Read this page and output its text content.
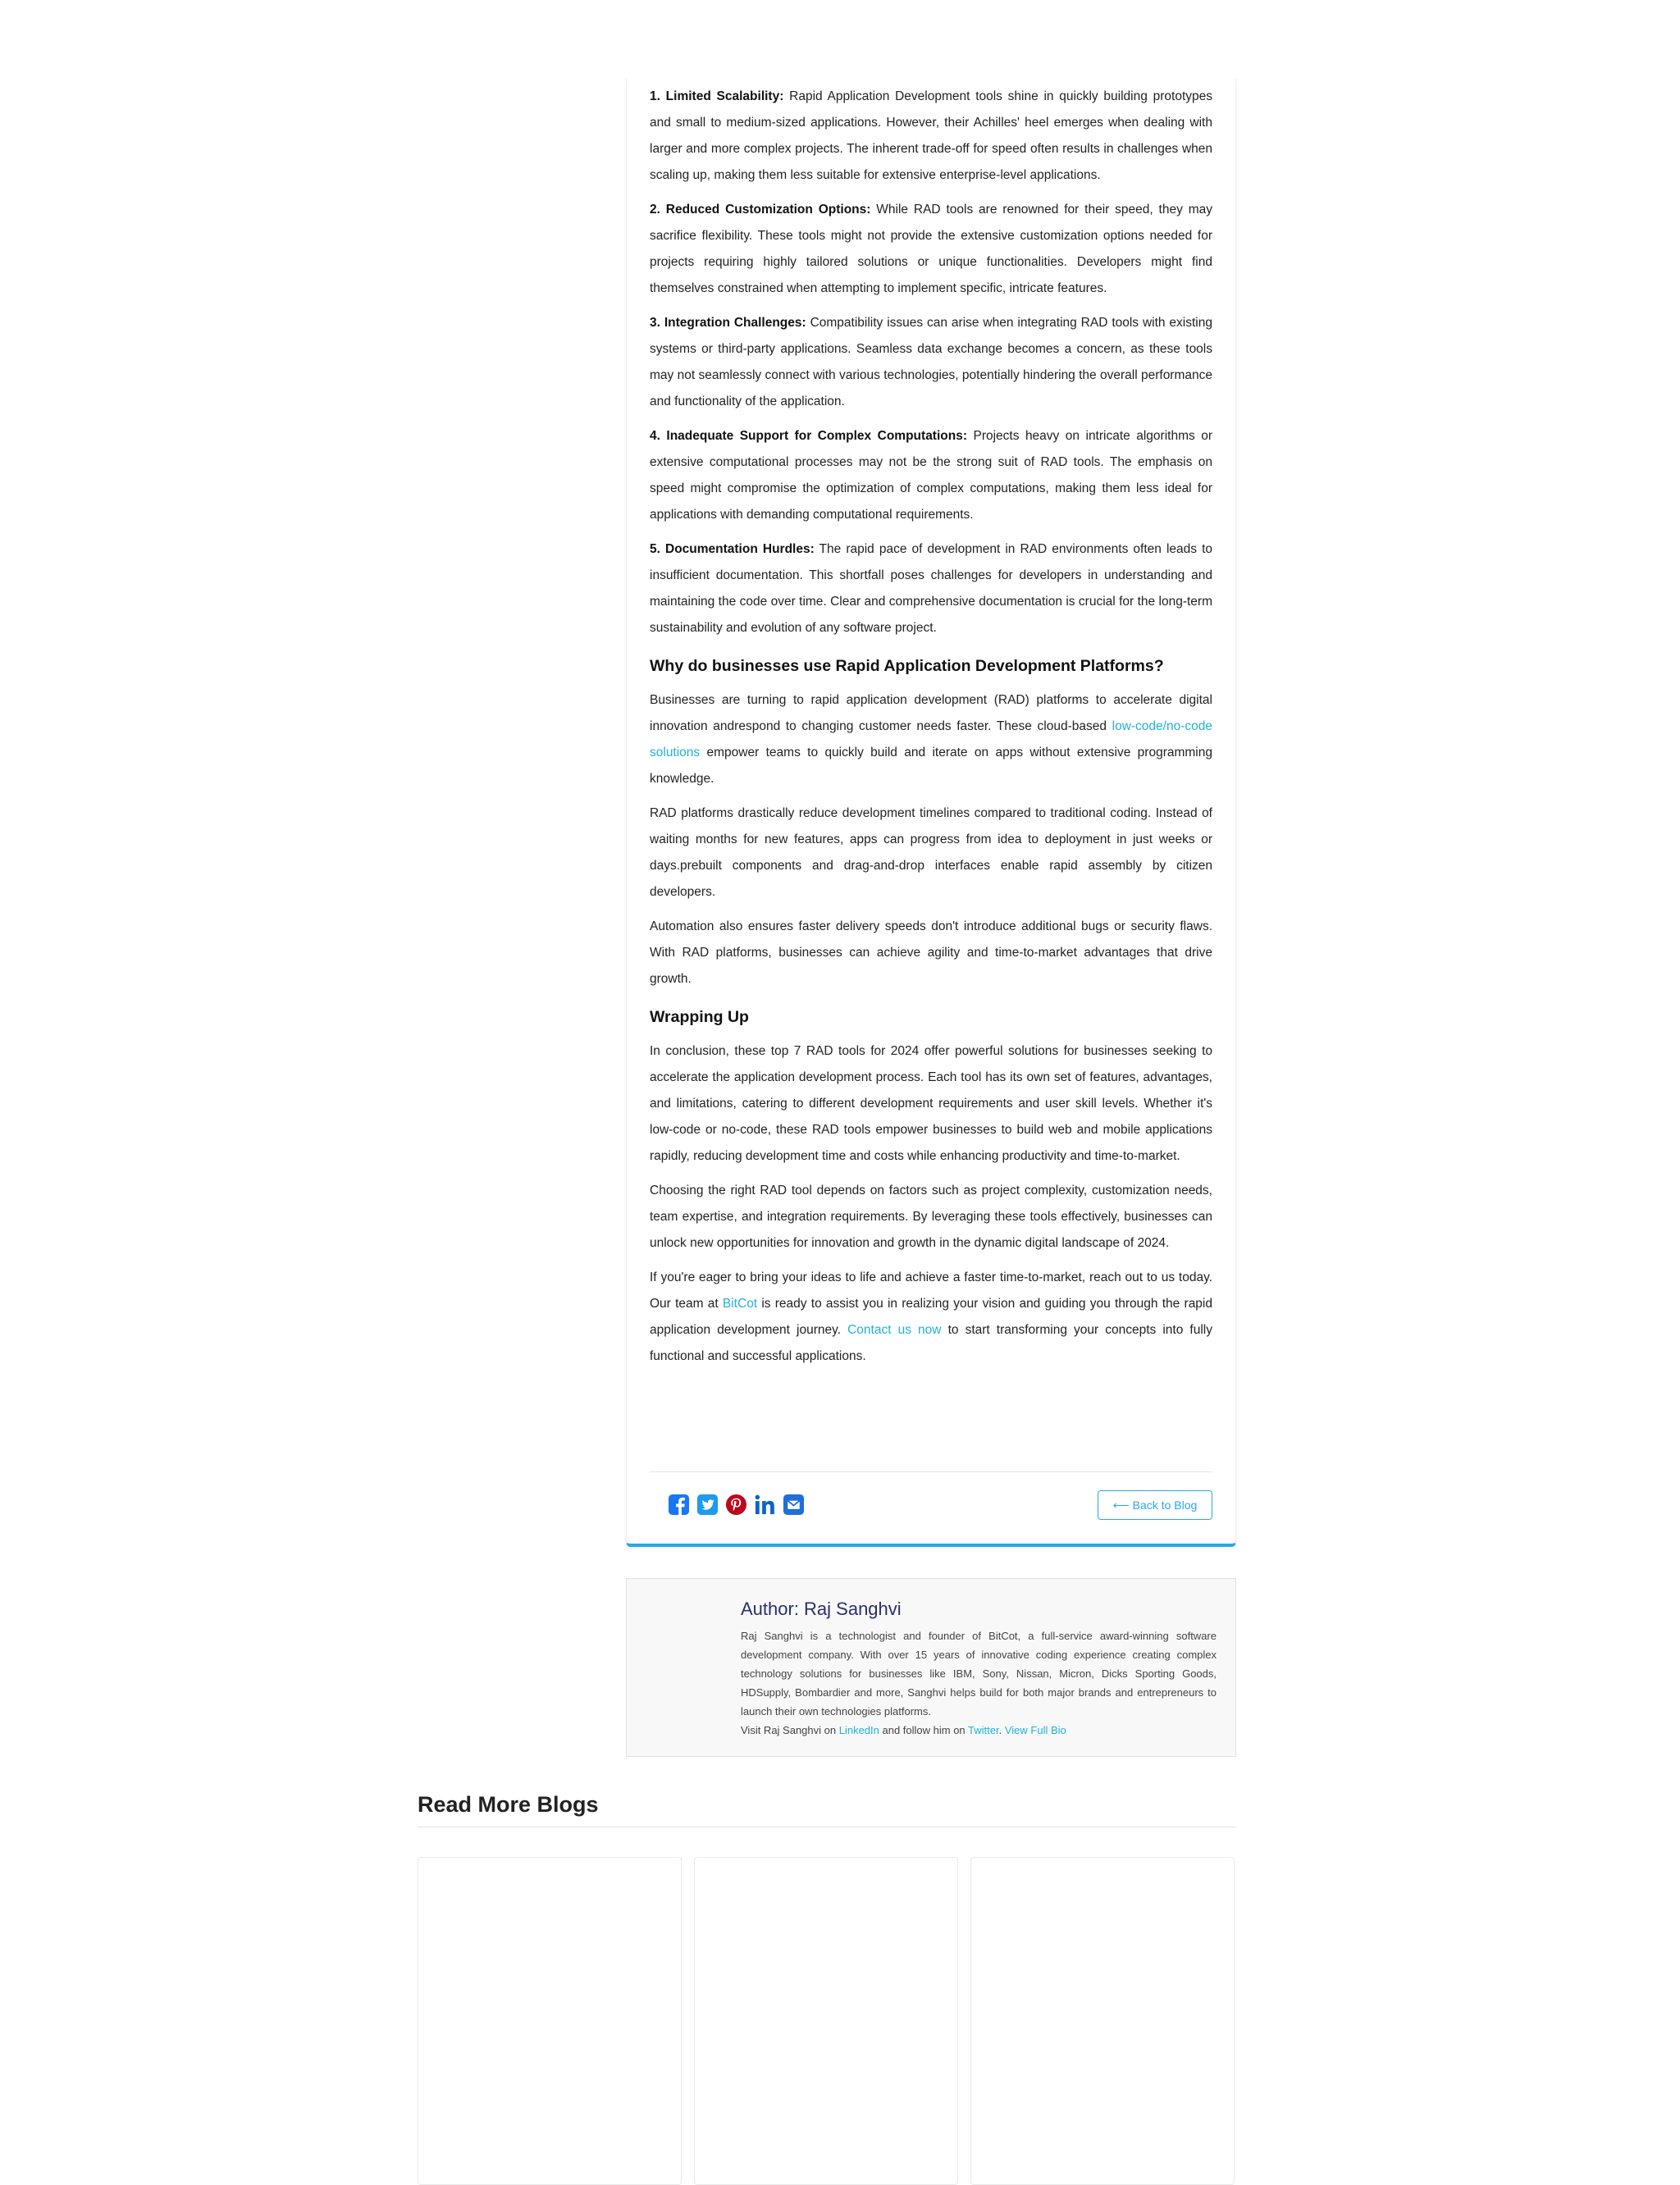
1. Limited Scalability: Rapid Application Development tools shine in quickly building prototypes and small to medium-sized applications. However, their Achilles' heel emerges when dealing with larger and more complex projects. The inherent trade-off for speed often results in challenges when scaling up, making them less suitable for extensive enterprise-level applications.

2. Reduced Customization Options: While RAD tools are renowned for their speed, they may sacrifice flexibility. These tools might not provide the extensive customization options needed for projects requiring highly tailored solutions or unique functionalities. Developers might find themselves constrained when attempting to implement specific, intricate features.

3. Integration Challenges: Compatibility issues can arise when integrating RAD tools with existing systems or third-party applications. Seamless data exchange becomes a concern, as these tools may not seamlessly connect with various technologies, potentially hindering the overall performance and functionality of the application.

4. Inadequate Support for Complex Computations: Projects heavy on intricate algorithms or extensive computational processes may not be the strong suit of RAD tools. The emphasis on speed might compromise the optimization of complex computations, making them less ideal for applications with demanding computational requirements.

5. Documentation Hurdles: The rapid pace of development in RAD environments often leads to insufficient documentation. This shortfall poses challenges for developers in understanding and maintaining the code over time. Clear and comprehensive documentation is crucial for the long-term sustainability and evolution of any software project.

Why do businesses use Rapid Application Development Platforms?

Businesses are turning to rapid application development (RAD) platforms to accelerate digital innovation andrespond to changing customer needs faster. These cloud-based low-code/no-code solutions empower teams to quickly build and iterate on apps without extensive programming knowledge.

RAD platforms drastically reduce development timelines compared to traditional coding. Instead of waiting months for new features, apps can progress from idea to deployment in just weeks or days.prebuilt components and drag-and-drop interfaces enable rapid assembly by citizen developers.

Automation also ensures faster delivery speeds don't introduce additional bugs or security flaws. With RAD platforms, businesses can achieve agility and time-to-market advantages that drive growth.

Wrapping Up

In conclusion, these top 7 RAD tools for 2024 offer powerful solutions for businesses seeking to accelerate the application development process. Each tool has its own set of features, advantages, and limitations, catering to different development requirements and user skill levels. Whether it's low-code or no-code, these RAD tools empower businesses to build web and mobile applications rapidly, reducing development time and costs while enhancing productivity and time-to-market.

Choosing the right RAD tool depends on factors such as project complexity, customization needs, team expertise, and integration requirements. By leveraging these tools effectively, businesses can unlock new opportunities for innovation and growth in the dynamic digital landscape of 2024.

If you're eager to bring your ideas to life and achieve a faster time-to-market, reach out to us today. Our team at BitCot is ready to assist you in realizing your vision and guiding you through the rapid application development journey. Contact us now to start transforming your concepts into fully functional and successful applications.

⟵ Back to Blog
Author: Raj Sanghvi

Raj Sanghvi is a technologist and founder of BitCot, a full-service award-winning software development company. With over 15 years of innovative coding experience creating complex technology solutions for businesses like IBM, Sony, Nissan, Micron, Dicks Sporting Goods, HDSupply, Bombardier and more, Sanghvi helps build for both major brands and entrepreneurs to launch their own technologies platforms.

Visit Raj Sanghvi on LinkedIn and follow him on Twitter. View Full Bio

Read More Blogs
